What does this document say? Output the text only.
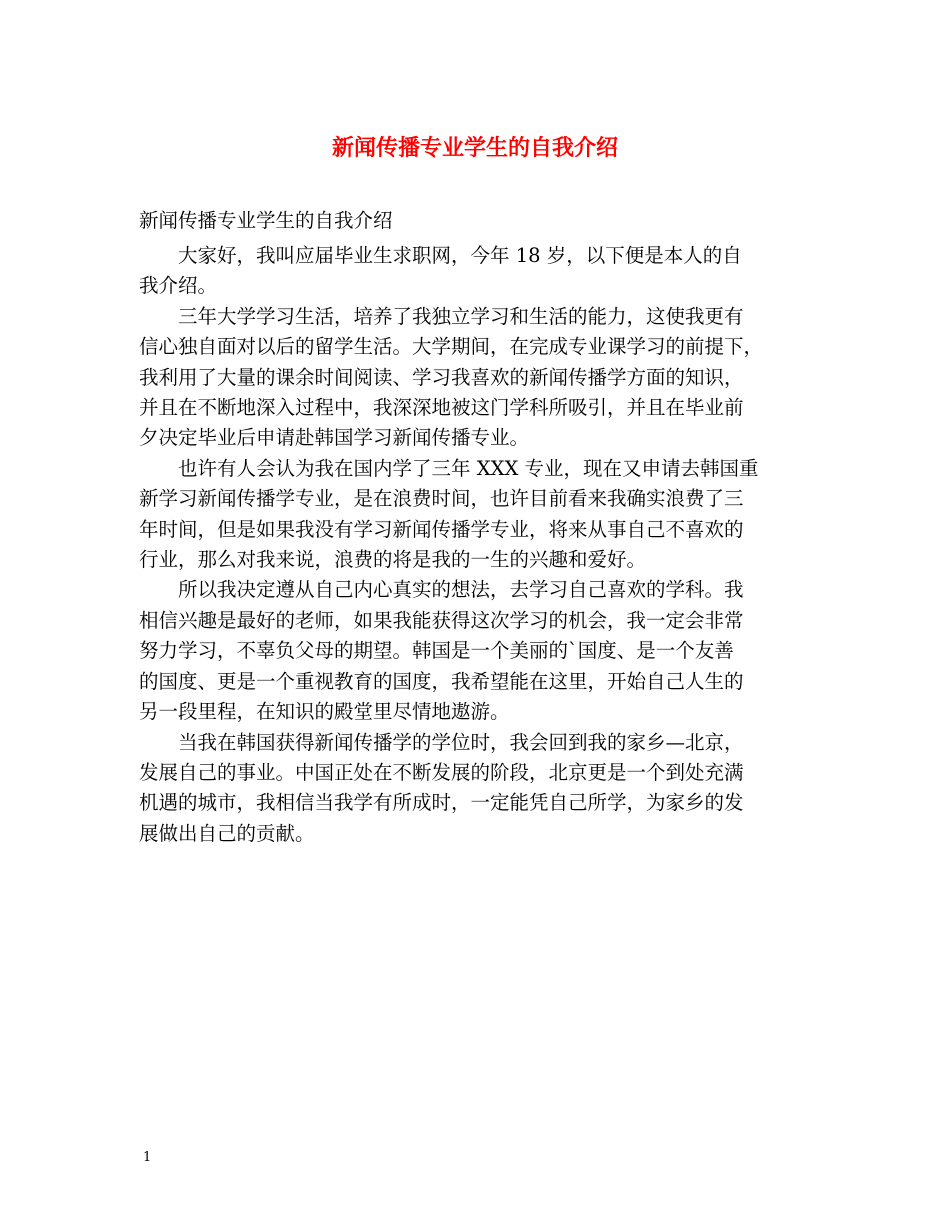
新闻传播专业学生的自我介绍

新闻传播专业学生的自我介绍

大家好，我叫应届毕业生求职网，今年 18 岁，以下便是本人的自
我介绍。

三年大学学习生活，培养了我独立学习和生活的能力，这使我更有
信心独自面对以后的留学生活。大学期间，在完成专业课学习的前提下，
我利用了大量的课余时间阅读、学习我喜欢的新闻传播学方面的知识，
并且在不断地深入过程中，我深深地被这门学科所吸引，并且在毕业前
夕决定毕业后申请赴韩国学习新闻传播专业。

也许有人会认为我在国内学了三年 XXX 专业，现在又申请去韩国重
新学习新闻传播学专业，是在浪费时间，也许目前看来我确实浪费了三
年时间，但是如果我没有学习新闻传播学专业，将来从事自己不喜欢的
行业，那么对我来说，浪费的将是我的一生的兴趣和爱好。

所以我决定遵从自己内心真实的想法，去学习自己喜欢的学科。我
相信兴趣是最好的老师，如果我能获得这次学习的机会，我一定会非常
努力学习，不辜负父母的期望。韩国是一个美丽的`国度、是一个友善
的国度、更是一个重视教育的国度，我希望能在这里，开始自己人生的
另一段里程，在知识的殿堂里尽情地遨游。

当我在韩国获得新闻传播学的学位时，我会回到我的家乡—北京，
发展自己的事业。中国正处在不断发展的阶段，北京更是一个到处充满
机遇的城市，我相信当我学有所成时，一定能凭自己所学，为家乡的发
展做出自己的贡献。

1
